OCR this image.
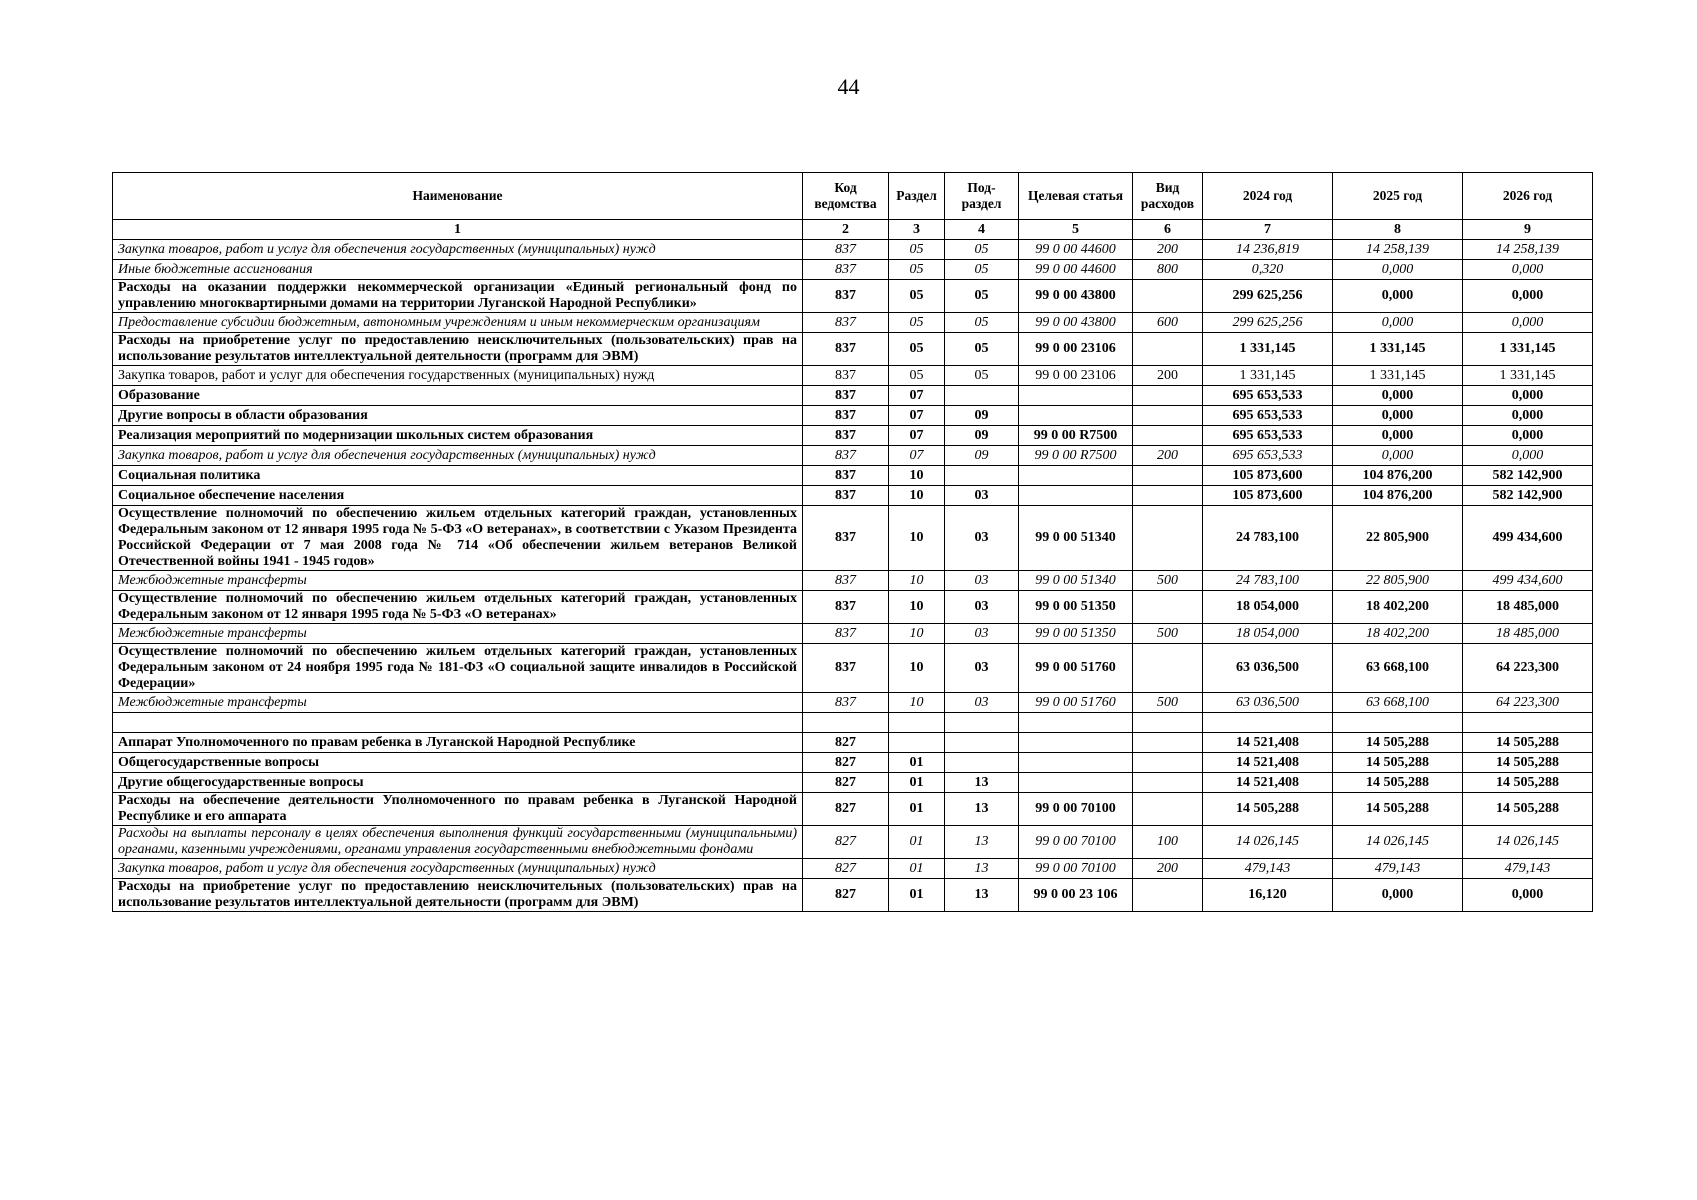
44
Наименование	Код ведомства	Раздел	Под-раздел	Целевая статья	Вид расходов	2024 год	2025 год	2026 год
1	2	3	4	5	6	7	8	9
Закупка товаров, работ и услуг для обеспечения государственных (муниципальных) нужд	837	05	05	99 0 00 44600	200	14 236,819	14 258,139	14 258,139
Иные бюджетные ассигнования	837	05	05	99 0 00 44600	800	0,320	0,000	0,000
Расходы на оказании поддержки некоммерческой организации «Единый региональный фонд по управлению многоквартирными домами на территории Луганской Народной Республики»	837	05	05	99 0 00 43800		299 625,256	0,000	0,000
Предоставление субсидии бюджетным, автономным учреждениям и иным некоммерческим организациям	837	05	05	99 0 00 43800	600	299 625,256	0,000	0,000
Расходы на приобретение услуг по предоставлению неисключительных (пользовательских) прав на использование результатов интеллектуальной деятельности (программ для ЭВМ)	837	05	05	99 0 00 23106		1 331,145	1 331,145	1 331,145
Закупка товаров, работ и услуг для обеспечения государственных (муниципальных) нужд	837	05	05	99 0 00 23106	200	1 331,145	1 331,145	1 331,145
Образование	837	07				695 653,533	0,000	0,000
Другие вопросы в области образования	837	07	09			695 653,533	0,000	0,000
Реализация мероприятий по модернизации школьных систем образования	837	07	09	99 0 00 R7500		695 653,533	0,000	0,000
Закупка товаров, работ и услуг для обеспечения государственных (муниципальных) нужд	837	07	09	99 0 00 R7500	200	695 653,533	0,000	0,000
Социальная политика	837	10				105 873,600	104 876,200	582 142,900
Социальное обеспечение населения	837	10	03			105 873,600	104 876,200	582 142,900
Осуществление полномочий по обеспечению жильем отдельных категорий граждан, установленных Федеральным законом от 12 января 1995 года № 5-ФЗ «О ветеранах», в соответствии с Указом Президента Российской Федерации от 7 мая 2008 года № 714 «Об обеспечении жильем ветеранов Великой Отечественной войны 1941 - 1945 годов»	837	10	03	99 0 00 51340		24 783,100	22 805,900	499 434,600
Межбюджетные трансферты	837	10	03	99 0 00 51340	500	24 783,100	22 805,900	499 434,600
Осуществление полномочий по обеспечению жильем отдельных категорий граждан, установленных Федеральным законом от 12 января 1995 года № 5-ФЗ «О ветеранах»	837	10	03	99 0 00 51350		18 054,000	18 402,200	18 485,000
Межбюджетные трансферты	837	10	03	99 0 00 51350	500	18 054,000	18 402,200	18 485,000
Осуществление полномочий по обеспечению жильем отдельных категорий граждан, установленных Федеральным законом от 24 ноября 1995 года № 181-ФЗ «О социальной защите инвалидов в Российской Федерации»	837	10	03	99 0 00 51760		63 036,500	63 668,100	64 223,300
Межбюджетные трансферты	837	10	03	99 0 00 51760	500	63 036,500	63 668,100	64 223,300

Аппарат Уполномоченного по правам ребенка в Луганской Народной Республике	827					14 521,408	14 505,288	14 505,288
Общегосударственные вопросы	827	01				14 521,408	14 505,288	14 505,288
Другие общегосударственные вопросы	827	01	13			14 521,408	14 505,288	14 505,288
Расходы на обеспечение деятельности Уполномоченного по правам ребенка в Луганской Народной Республике и его аппарата	827	01	13	99 0 00 70100		14 505,288	14 505,288	14 505,288
Расходы на выплаты персоналу в целях обеспечения выполнения функций государственными (муниципальными) органами, казенными учреждениями, органами управления государственными внебюджетными фондами	827	01	13	99 0 00 70100	100	14 026,145	14 026,145	14 026,145
Закупка товаров, работ и услуг для обеспечения государственных (муниципальных) нужд	827	01	13	99 0 00 70100	200	479,143	479,143	479,143
Расходы на приобретение услуг по предоставлению неисключительных (пользовательских) прав на использование результатов интеллектуальной деятельности (программ для ЭВМ)	827	01	13	99 0 00 23 106		16,120	0,000	0,000
